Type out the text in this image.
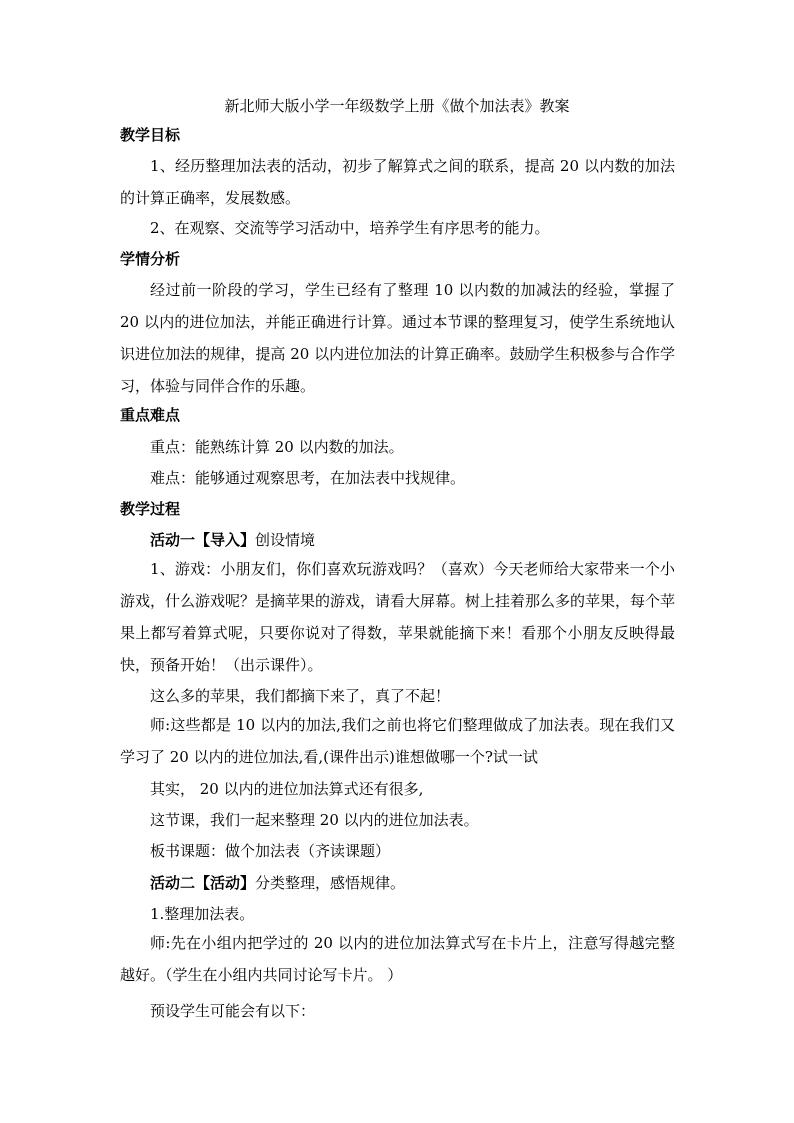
新北师大版小学一年级数学上册《做个加法表》教案
教学目标

1、经历整理加法表的活动，初步了解算式之间的联系，提高 20 以内数的加法的计算正确率，发展数感。

2、在观察、交流等学习活动中，培养学生有序思考的能力。

学情分析

经过前一阶段的学习，学生已经有了整理 10 以内数的加减法的经验，掌握了 20 以内的进位加法，并能正确进行计算。通过本节课的整理复习，使学生系统地认识进位加法的规律，提高 20 以内进位加法的计算正确率。鼓励学生积极参与合作学习，体验与同伴合作的乐趣。

重点难点
重点：能熟练计算 20 以内数的加法。
难点：能够通过观察思考，在加法表中找规律。
教学过程
活动一【导入】创设情境

1、游戏：小朋友们，你们喜欢玩游戏吗？（喜欢）今天老师给大家带来一个小游戏，什么游戏呢？是摘苹果的游戏，请看大屏幕。树上挂着那么多的苹果，每个苹果上都写着算式呢，只要你说对了得数，苹果就能摘下来！看那个小朋友反映得最快，预备开始！（出示课件）。

这么多的苹果，我们都摘下来了，真了不起！

师:这些都是 10 以内的加法,我们之前也将它们整理做成了加法表。现在我们又学习了 20 以内的进位加法,看,(课件出示)谁想做哪一个?试一试

其实， 20 以内的进位加法算式还有很多,
这节课，我们一起来整理 20 以内的进位加法表。
板书课题：做个加法表（齐读课题）
活动二【活动】分类整理，感悟规律。
1.整理加法表。

师:先在小组内把学过的 20 以内的进位加法算式写在卡片上，注意写得越完整越好。（学生在小组内共同讨论写卡片。 ）

预设学生可能会有以下：
